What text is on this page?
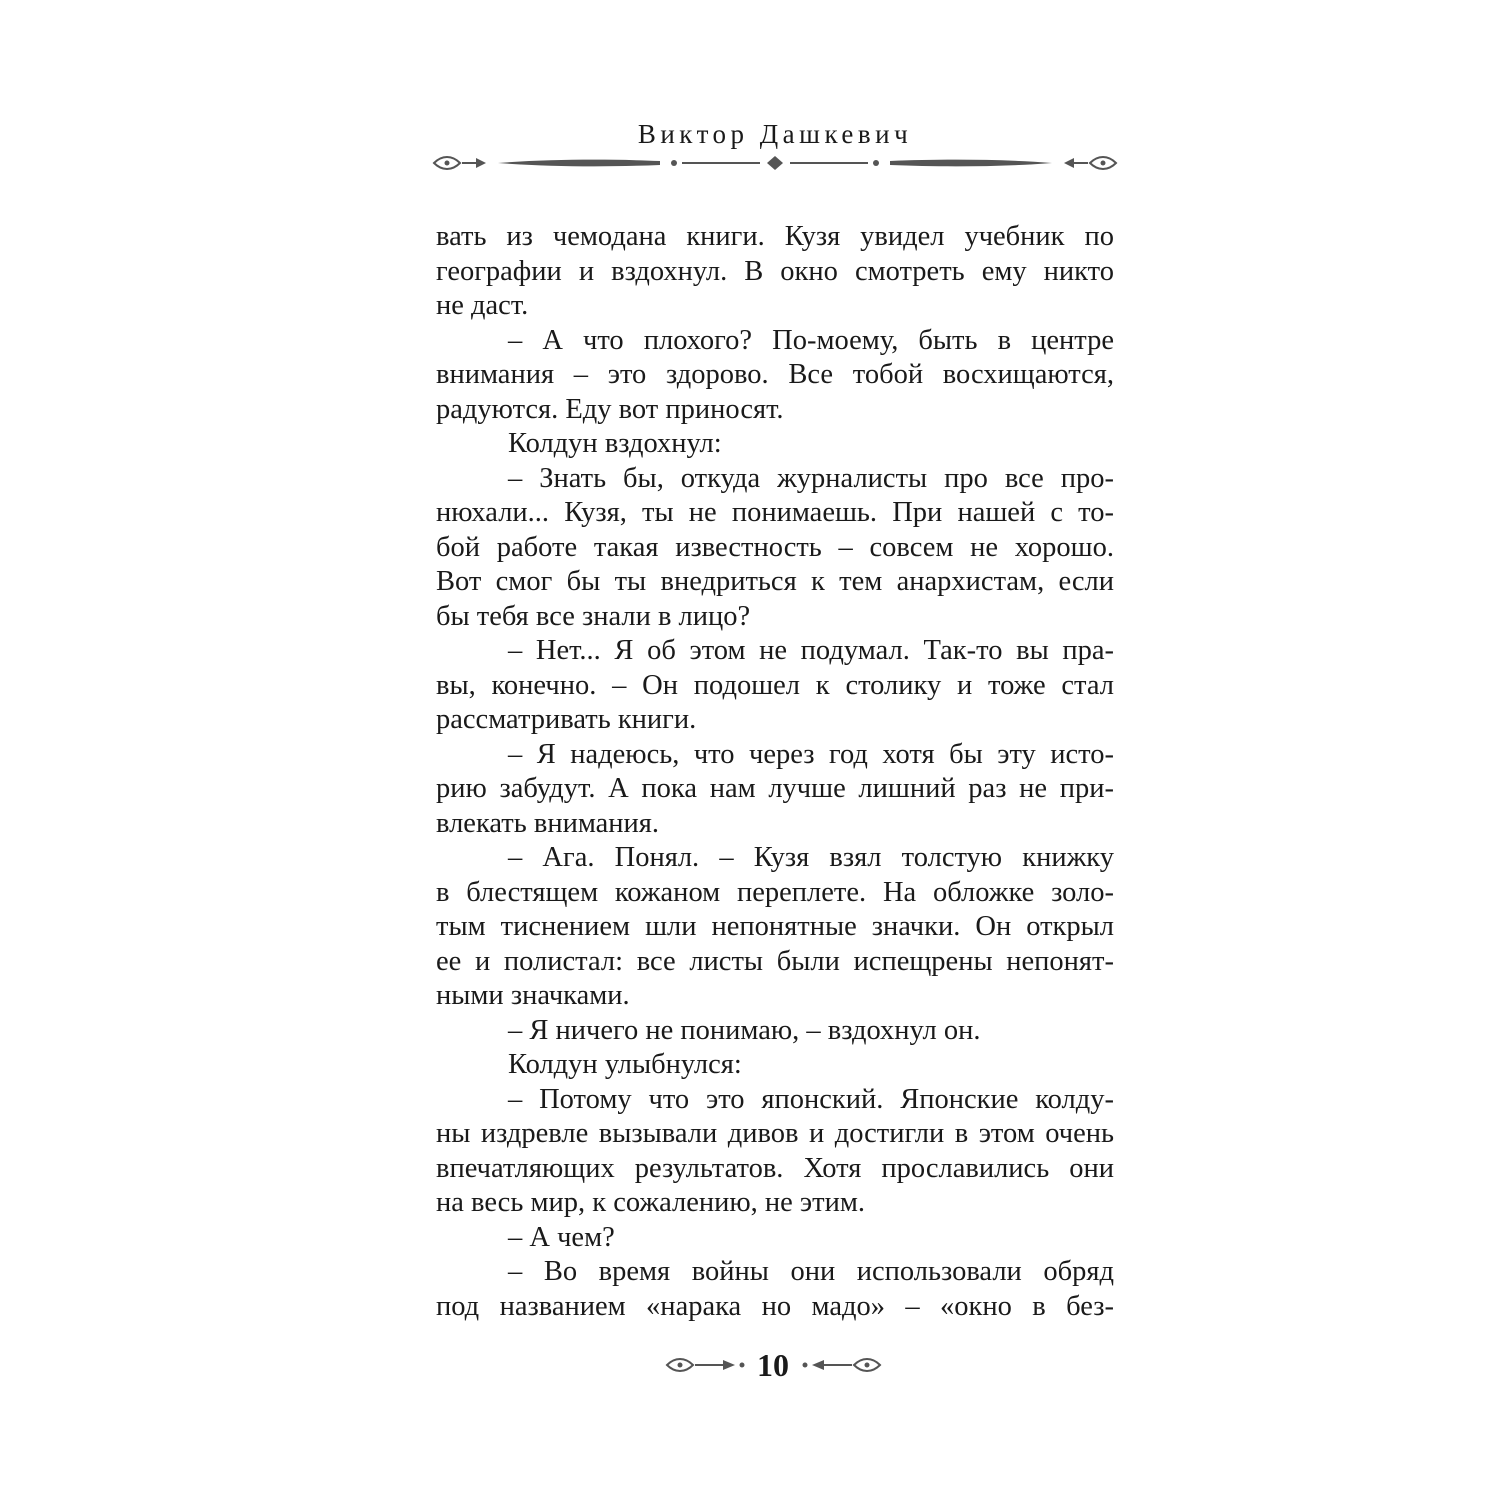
Виктор Дашкевич
вать из чемодана книги. Кузя увидел учебник по
географии и вздохнул. В окно смотреть ему никто
не даст.
– А что плохого? По-моему, быть в центре
внимания – это здорово. Все тобой восхищаются,
радуются. Еду вот приносят.
Колдун вздохнул:
– Знать бы, откуда журналисты про все про-
нюхали... Кузя, ты не понимаешь. При нашей с то-
бой работе такая известность – совсем не хорошо.
Вот смог бы ты внедриться к тем анархистам, если
бы тебя все знали в лицо?
– Нет... Я об этом не подумал. Так-то вы пра-
вы, конечно. – Он подошел к столику и тоже стал
рассматривать книги.
– Я надеюсь, что через год хотя бы эту исто-
рию забудут. А пока нам лучше лишний раз не при-
влекать внимания.
– Ага. Понял. – Кузя взял толстую книжку
в блестящем кожаном переплете. На обложке золо-
тым тиснением шли непонятные значки. Он открыл
ее и полистал: все листы были испещрены непонят-
ными значками.
– Я ничего не понимаю, – вздохнул он.
Колдун улыбнулся:
– Потому что это японский. Японские колду-
ны издревле вызывали дивов и достигли в этом очень
впечатляющих результатов. Хотя прославились они
на весь мир, к сожалению, не этим.
– А чем?
– Во время войны они использовали обряд
под названием «нарака но мадо» – «окно в без-
10
